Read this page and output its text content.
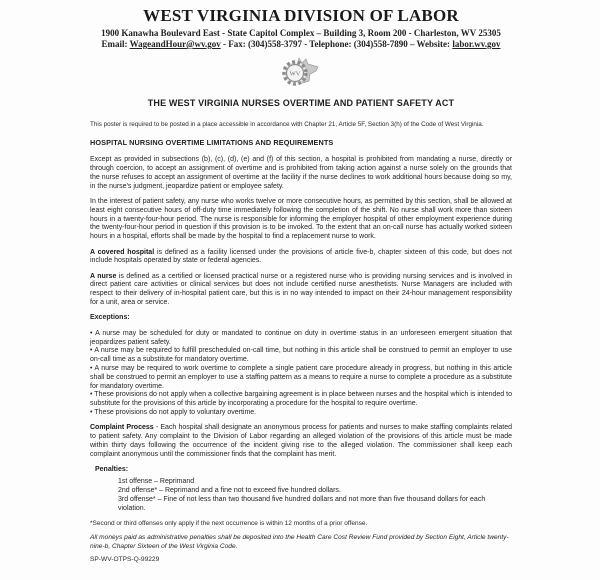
WEST VIRGINIA DIVISION OF LABOR

1900 Kanawha Boulevard East - State Capitol Complex – Building 3, Room 200 - Charleston, WV 25305

Email: WageandHour@wv.gov - Fax: (304)558-3797 - Telephone: (304)558-7890 – Website: labor.wv.gov

WV

THE WEST VIRGINIA NURSES OVERTIME AND PATIENT SAFETY ACT

This poster is required to be posted in a place accessible in accordance with Chapter 21, Article 5F, Section 3(h) of the Code of West Virginia.

HOSPITAL NURSING OVERTIME LIMITATIONS AND REQUIREMENTS

Except as provided in subsections (b), (c), (d), (e) and (f) of this section, a hospital is prohibited from mandating a nurse, directly or through coercion, to accept an assignment of overtime and is prohibited from taking action against a nurse solely on the grounds that the nurse refuses to accept an assignment of overtime at the facility if the nurse declines to work additional hours because doing so my, in the nurse's judgment, jeopardize patient or employee safety.

In the interest of patient safety, any nurse who works twelve or more consecutive hours, as permitted by this section, shall be allowed at least eight consecutive hours of off-duty time immediately following the completion of the shift. No nurse shall work more than sixteen hours in a twenty-four-hour period. The nurse is responsible for informing the employer hospital of other employment experience during the twenty-four-hour period in question if this provision is to be invoked. To the extent that an on-call nurse has actually worked sixteen hours in a hospital, efforts shall be made by the hospital to find a replacement nurse to work.

A covered hospital is defined as a facility licensed under the provisions of article five-b, chapter sixteen of this code, but does not include hospitals operated by state or federal agencies.

A nurse is defined as a certified or licensed practical nurse or a registered nurse who is providing nursing services and is involved in direct patient care activities or clinical services but does not include certified nurse anesthetists. Nurse Managers are included with respect to their delivery of in-hospital patient care, but this is in no way intended to impact on their 24-hour management responsibility for a unit, area or service.

Exceptions:

• A nurse may be scheduled for duty or mandated to continue on duty in overtime status in an unforeseen emergent situation that jeopardizes patient safety.

• A nurse may be required to fulfill prescheduled on-call time, but nothing in this article shall be construed to permit an employer to use on-call time as a substitute for mandatory overtime.

• A nurse may be required to work overtime to complete a single patient care procedure already in progress, but nothing in this article shall be construed to permit an employer to use a staffing pattern as a means to require a nurse to complete a procedure as a substitute for mandatory overtime.

• These provisions do not apply when a collective bargaining agreement is in place between nurses and the hospital which is intended to substitute for the provisions of this article by incorporating a procedure for the hospital to require overtime.

• These provisions do not apply to voluntary overtime.

Complaint Process - Each hospital shall designate an anonymous process for patients and nurses to make staffing complaints related to patient safety. Any complaint to the Division of Labor regarding an alleged violation of the provisions of this article must be made within thirty days following the occurrence of the incident giving rise to the alleged violation. The commissioner shall keep each complaint anonymous until the commissioner finds that the complaint has merit.

Penalties:

1st offense – Reprimand

2nd offense* – Reprimand and a fine not to exceed five hundred dollars.

3rd offense* – Fine of not less than two thousand five hundred dollars and not more than five thousand dollars for each violation.

*Second or third offenses only apply if the next occurrence is within 12 months of a prior offense.

All moneys paid as administrative penalties shall be deposited into the Health Care Cost Review Fund provided by Section Eight, Article twenty-nine-b, Chapter Sixteen of the West Virginia Code.

SP-WV-OTPS-Q-99229
